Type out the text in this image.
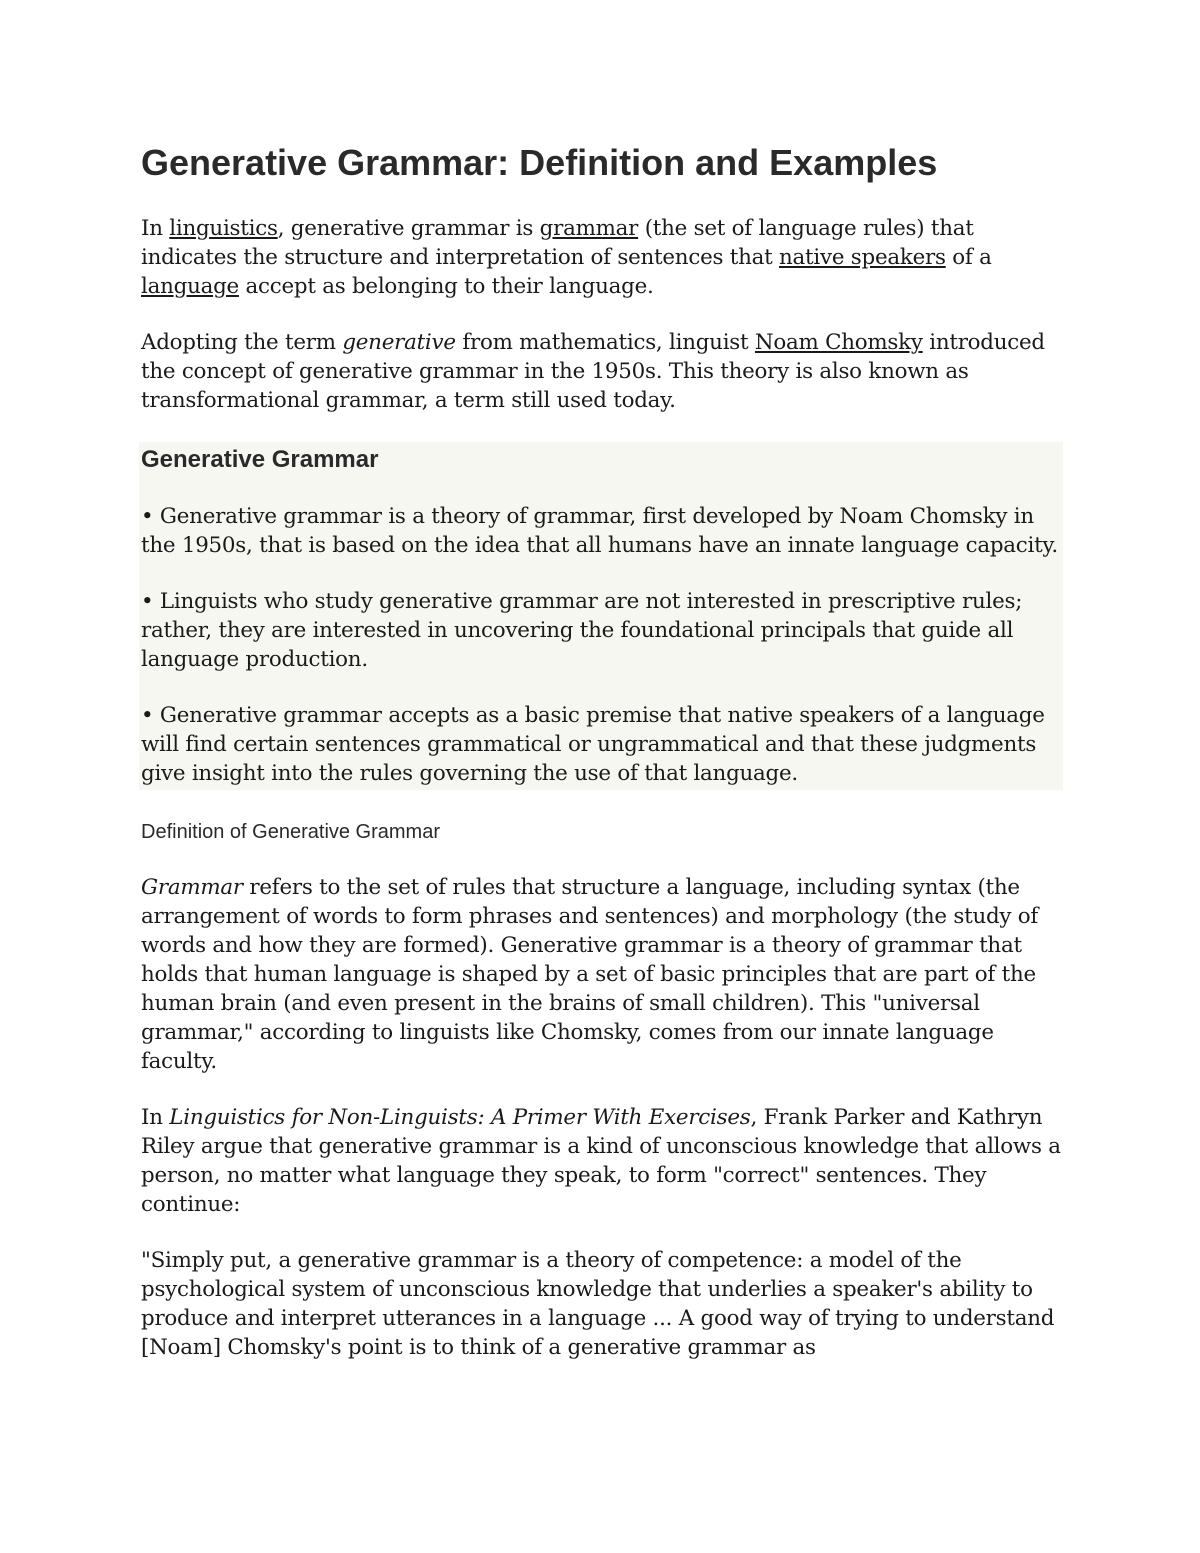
Generative Grammar: Definition and Examples

In linguistics, generative grammar is grammar (the set of language rules) that indicates the structure and interpretation of sentences that native speakers of a language accept as belonging to their language.

Adopting the term generative from mathematics, linguist Noam Chomsky introduced the concept of generative grammar in the 1950s. This theory is also known as transformational grammar, a term still used today.

Generative Grammar

• Generative grammar is a theory of grammar, first developed by Noam Chomsky in the 1950s, that is based on the idea that all humans have an innate language capacity.

• Linguists who study generative grammar are not interested in prescriptive rules; rather, they are interested in uncovering the foundational principals that guide all language production.

• Generative grammar accepts as a basic premise that native speakers of a language will find certain sentences grammatical or ungrammatical and that these judgments give insight into the rules governing the use of that language.

Definition of Generative Grammar

Grammar refers to the set of rules that structure a language, including syntax (the arrangement of words to form phrases and sentences) and morphology (the study of words and how they are formed). Generative grammar is a theory of grammar that holds that human language is shaped by a set of basic principles that are part of the human brain (and even present in the brains of small children). This "universal grammar," according to linguists like Chomsky, comes from our innate language faculty.

In Linguistics for Non-Linguists: A Primer With Exercises, Frank Parker and Kathryn Riley argue that generative grammar is a kind of unconscious knowledge that allows a person, no matter what language they speak, to form "correct" sentences. They continue:

"Simply put, a generative grammar is a theory of competence: a model of the psychological system of unconscious knowledge that underlies a speaker's ability to produce and interpret utterances in a language ... A good way of trying to understand [Noam] Chomsky's point is to think of a generative grammar as
